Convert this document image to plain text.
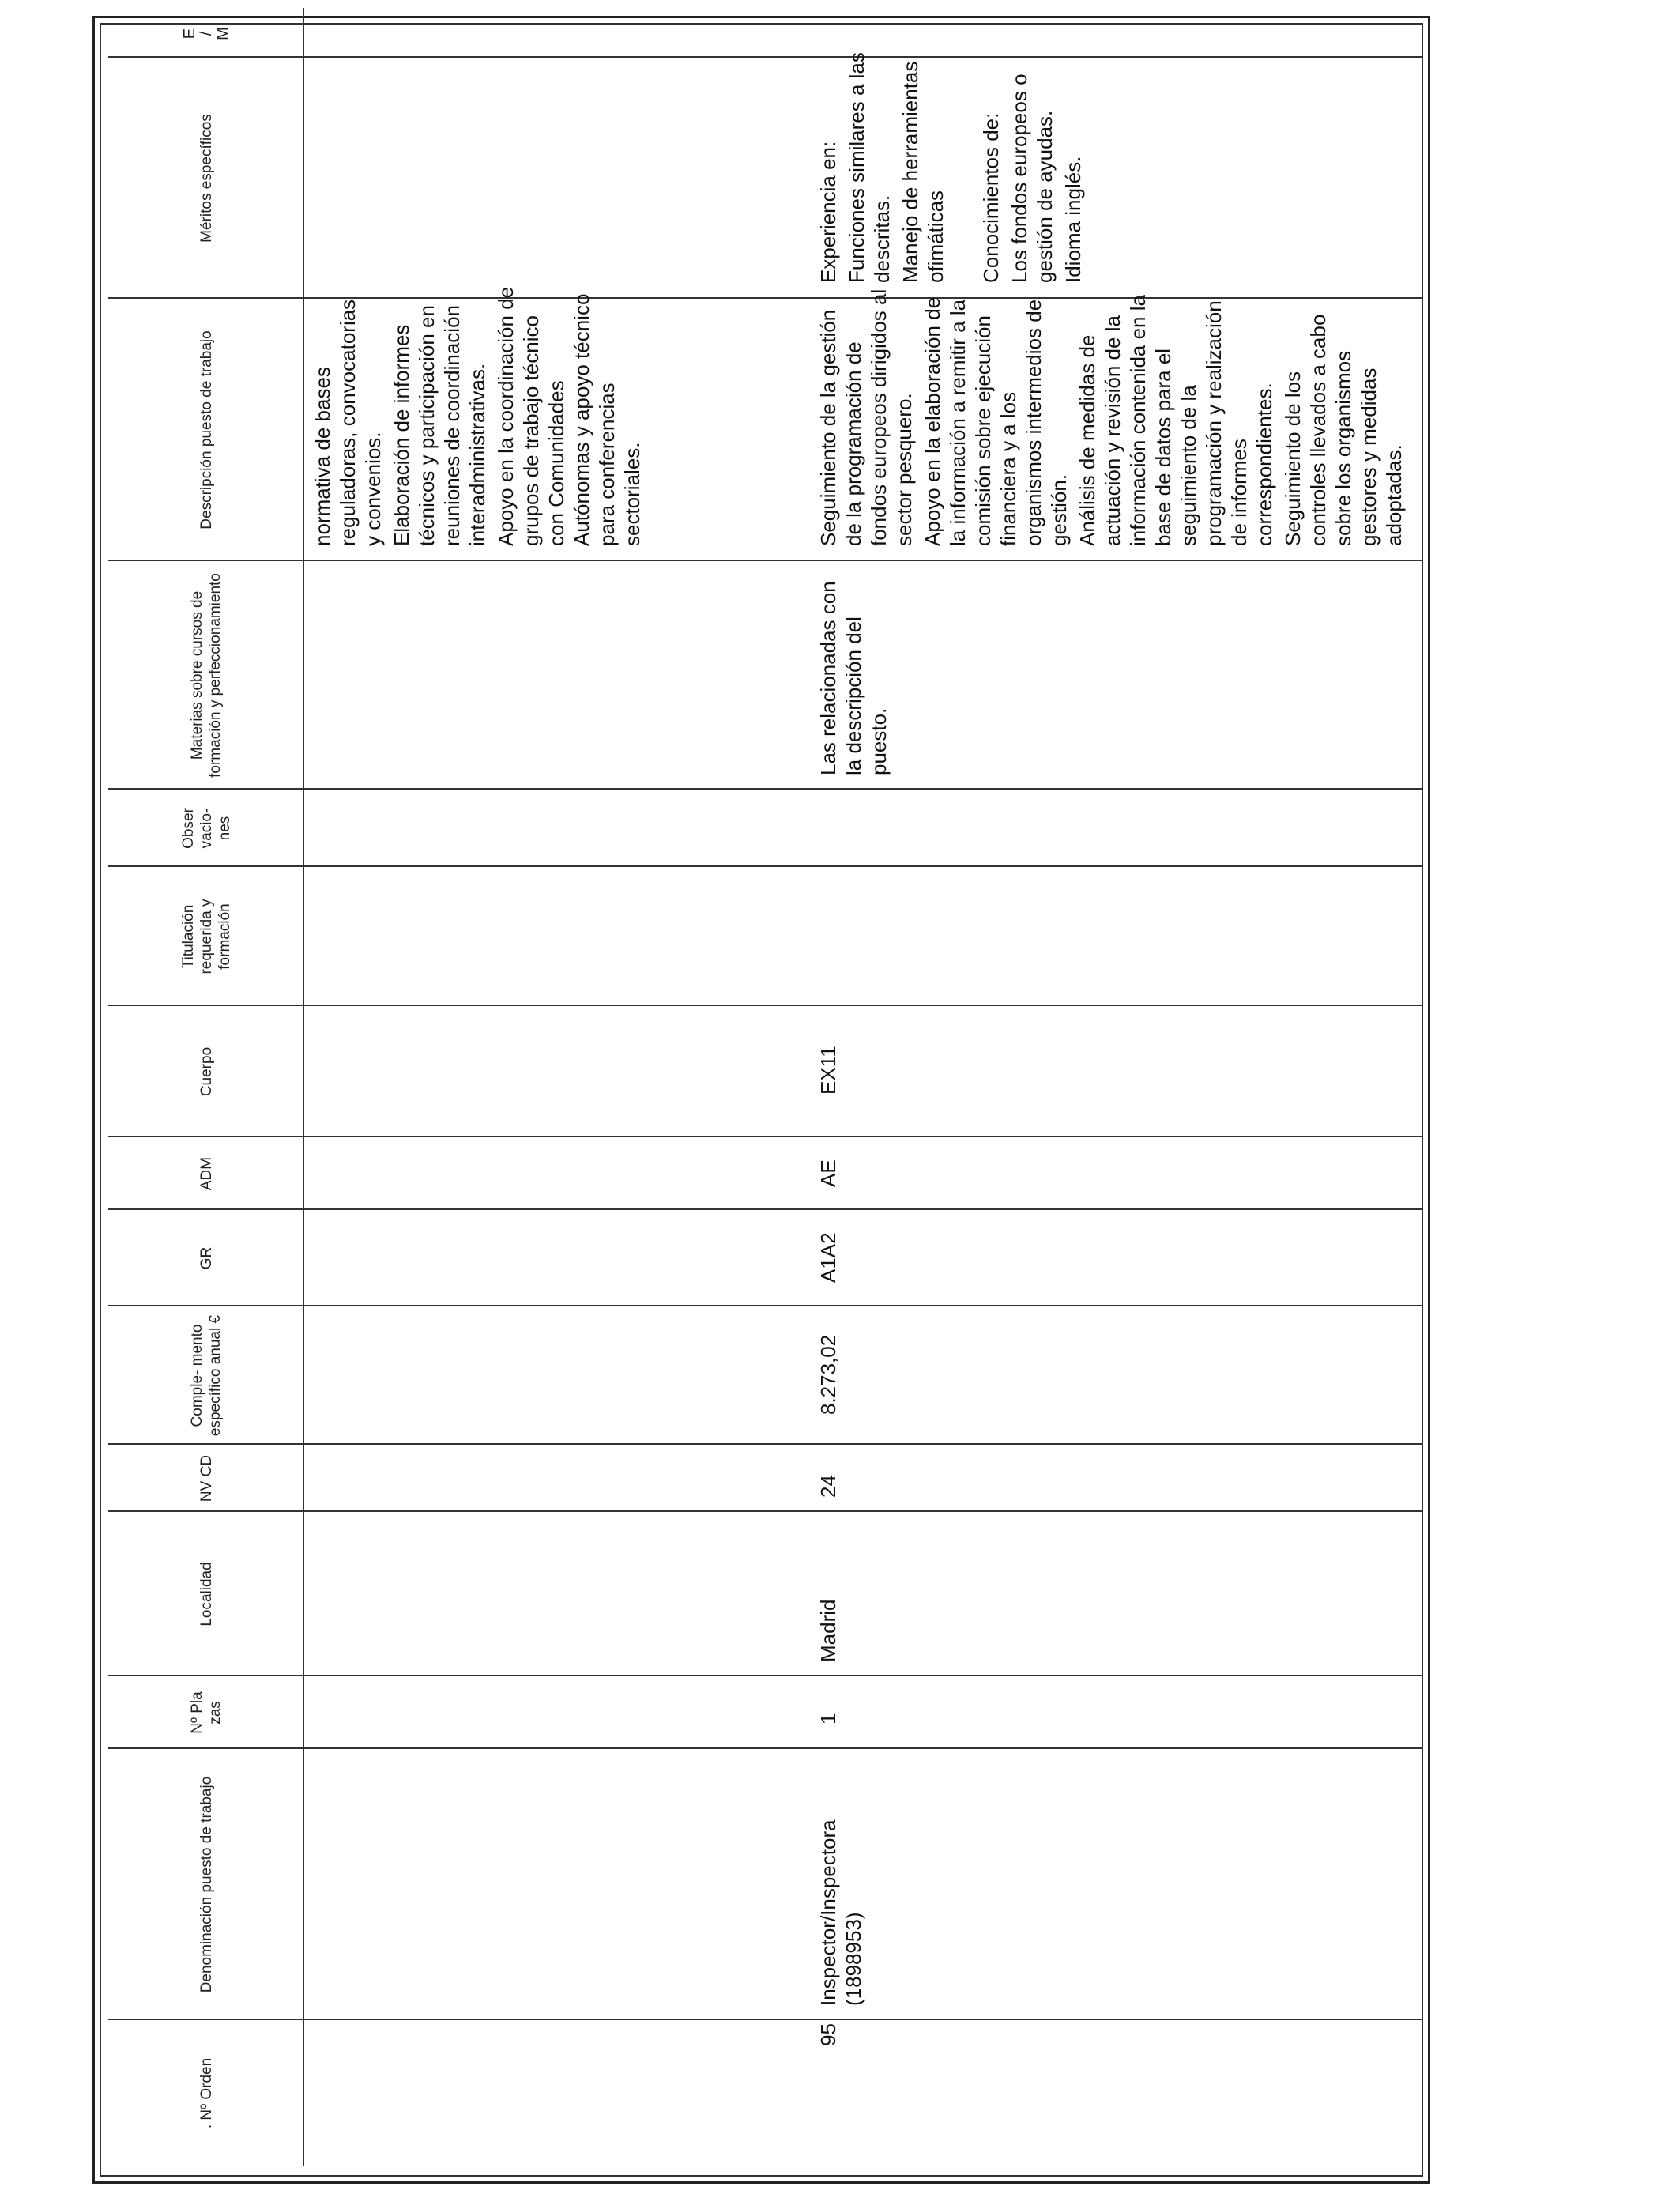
. Nº Orden
Denominación puesto de trabajo
Nº Pla zas
Localidad
NV CD
Comple- mento específico anual €
GR
ADM
Cuerpo
Titulación requerida y formación
Obser vacio- nes
Materias sobre cursos de formación y perfeccionamiento
Descripción puesto de trabajo
Méritos específicos
E / M

normativa de bases reguladoras, convocatorias y convenios. Elaboración de informes técnicos y participación en reuniones de coordinación interadministrativas. Apoyo en la coordinación de grupos de trabajo técnico con Comunidades Autónomas y apoyo técnico para conferencias sectoriales.

95
Inspector/Inspectora (1898953)
1
Madrid
24
8.273,02
A1A2
AE
EX11
Las relacionadas con la descripción del puesto.

Seguimiento de la gestión de la programación de fondos europeos dirigidos al sector pesquero. Apoyo en la elaboración de la información a remitir a la comisión sobre ejecución financiera y a los organismos intermedios de gestión. Análisis de medidas de actuación y revisión de la información contenida en la base de datos para el seguimiento de la programación y realización de informes correspondientes. Seguimiento de los controles llevados a cabo sobre los organismos gestores y medidas adoptadas.

Experiencia en: Funciones similares a las descritas. Manejo de herramientas ofimáticas Conocimientos de: Los fondos europeos o gestión de ayudas. Idioma inglés.
